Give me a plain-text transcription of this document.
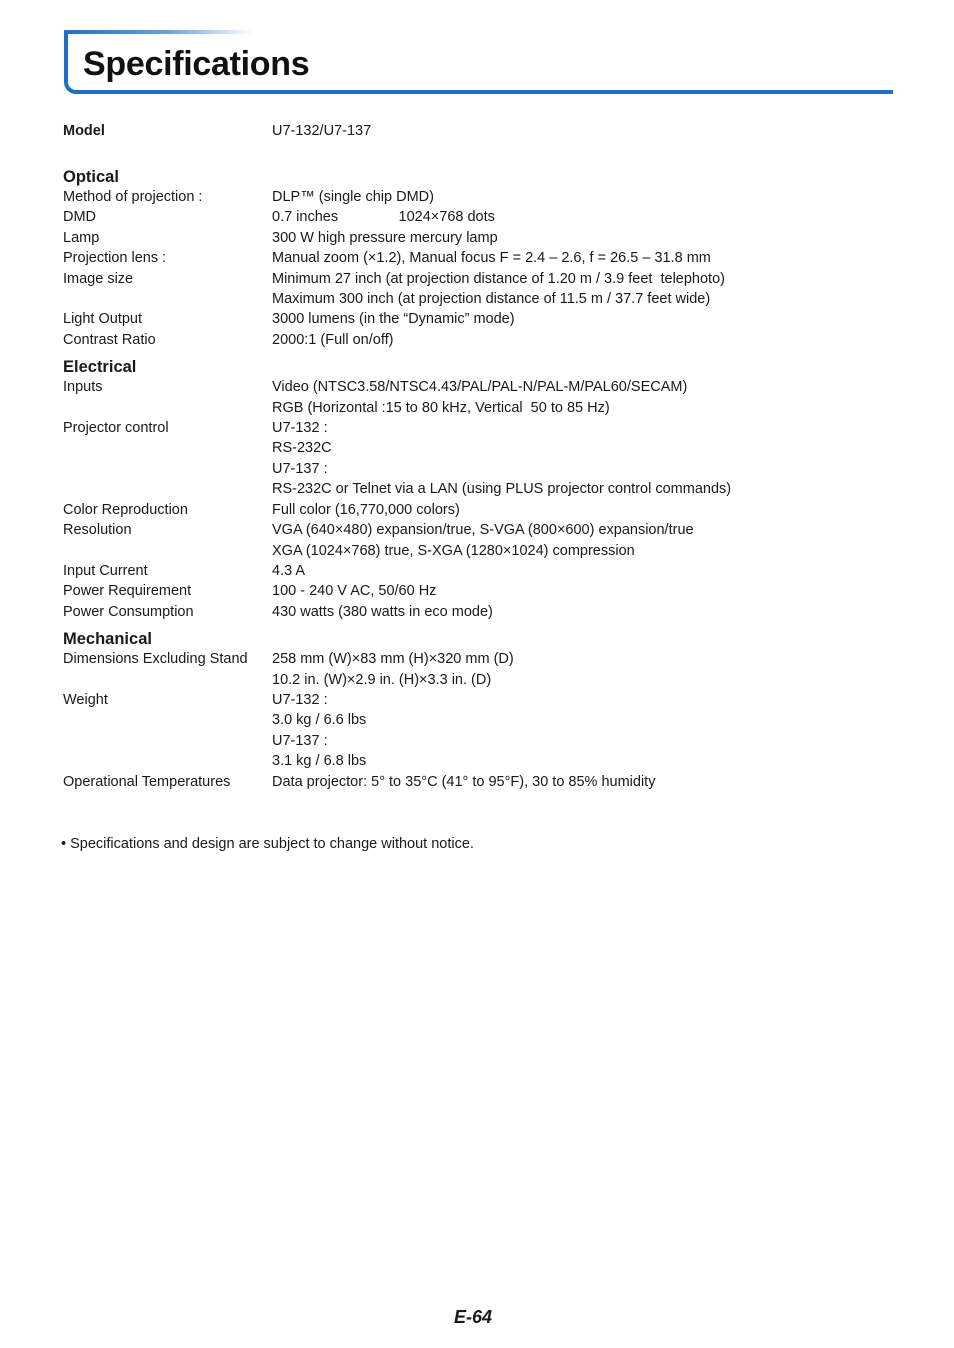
Specifications
Model	U7-132/U7-137
Optical
Method of projection :	DLP™ (single chip DMD)
DMD	0.7 inches               1024×768 dots
Lamp	300 W high pressure mercury lamp
Projection lens :	Manual zoom (×1.2), Manual focus F = 2.4 – 2.6, f = 26.5 – 31.8 mm
Image size	Minimum 27 inch (at projection distance of 1.20 m / 3.9 feet  telephoto)
Maximum 300 inch (at projection distance of 11.5 m / 37.7 feet wide)
Light Output	3000 lumens (in the “Dynamic” mode)
Contrast Ratio	2000:1 (Full on/off)
Electrical
Inputs	Video (NTSC3.58/NTSC4.43/PAL/PAL-N/PAL-M/PAL60/SECAM)
RGB (Horizontal :15 to 80 kHz, Vertical  50 to 85 Hz)
Projector control	U7-132 :
RS-232C
U7-137 :
RS-232C or Telnet via a LAN (using PLUS projector control commands)
Color Reproduction	Full color (16,770,000 colors)
Resolution	VGA (640×480) expansion/true, S-VGA (800×600) expansion/true
XGA (1024×768) true, S-XGA (1280×1024) compression
Input Current	4.3 A
Power Requirement	100 - 240 V AC, 50/60 Hz
Power Consumption	430 watts (380 watts in eco mode)
Mechanical
Dimensions Excluding Stand	258 mm (W)×83 mm (H)×320 mm (D)
10.2 in. (W)×2.9 in. (H)×3.3 in. (D)
Weight	U7-132 :
3.0 kg / 6.6 lbs
U7-137 :
3.1 kg / 6.8 lbs
Operational Temperatures	Data projector: 5° to 35°C (41° to 95°F), 30 to 85% humidity
• Specifications and design are subject to change without notice.
E-64
